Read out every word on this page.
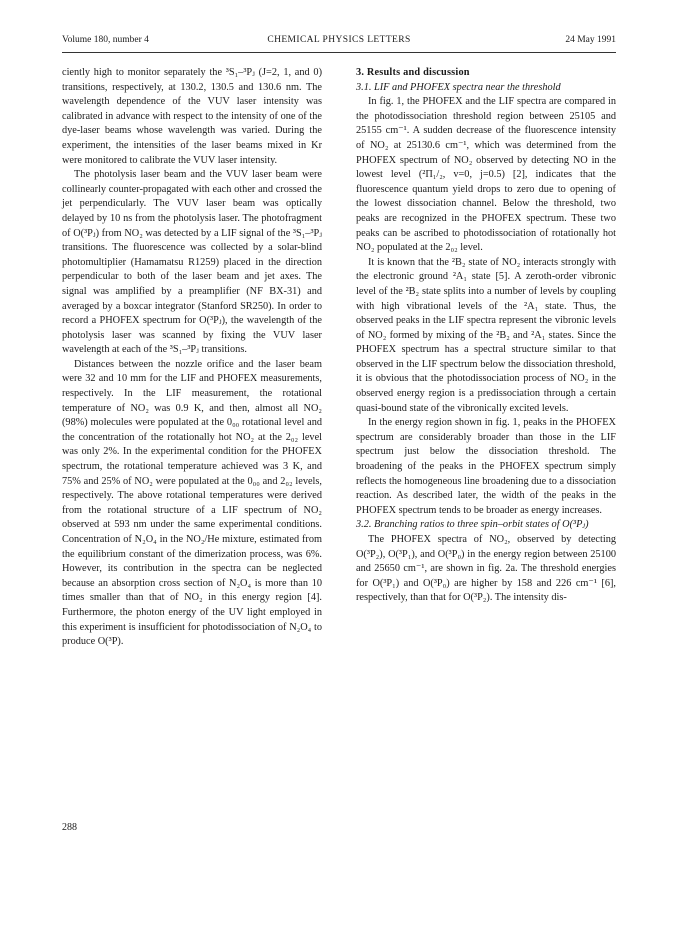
Volume 180, number 4	CHEMICAL PHYSICS LETTERS	24 May 1991

ciently high to monitor separately the ³S₁–³Pⱼ (J=2, 1, and 0) transitions, respectively, at 130.2, 130.5 and 130.6 nm. The wavelength dependence of the VUV laser intensity was calibrated in advance with respect to the intensity of one of the dye-laser beams whose wavelength was varied. During the experiment, the intensities of the laser beams mixed in Kr were monitored to calibrate the VUV laser intensity.

The photolysis laser beam and the VUV laser beam were collinearly counter-propagated with each other and crossed the jet perpendicularly. The VUV laser beam was optically delayed by 10 ns from the photolysis laser. The photofragment of O(³Pⱼ) from NO₂ was detected by a LIF signal of the ³S₁–³Pⱼ transitions. The fluorescence was collected by a solar-blind photomultiplier (Hamamatsu R1259) placed in the direction perpendicular to both of the laser beam and jet axes. The signal was amplified by a preamplifier (NF BX-31) and averaged by a boxcar integrator (Stanford SR250). In order to record a PHOFEX spectrum for O(³Pⱼ), the wavelength of the photolysis laser was scanned by fixing the VUV laser wavelength at each of the ³S₁–³Pⱼ transitions.

Distances between the nozzle orifice and the laser beam were 32 and 10 mm for the LIF and PHOFEX measurements, respectively. In the LIF measurement, the rotational temperature of NO₂ was 0.9 K, and then, almost all NO₂ (98%) molecules were populated at the 0₀₀ rotational level and the concentration of the rotationally hot NO₂ at the 2₀₂ level was only 2%. In the experimental condition for the PHOFEX spectrum, the rotational temperature achieved was 3 K, and 75% and 25% of NO₂ were populated at the 0₀₀ and 2₀₂ levels, respectively. The above rotational temperatures were derived from the rotational structure of a LIF spectrum of NO₂ observed at 593 nm under the same experimental conditions. Concentration of N₂O₄ in the NO₂/He mixture, estimated from the equilibrium constant of the dimerization process, was 6%. However, its contribution in the spectra can be neglected because an absorption cross section of N₂O₄ is more than 10 times smaller than that of NO₂ in this energy region [4]. Furthermore, the photon energy of the UV light employed in this experiment is insufficient for photodissociation of N₂O₄ to produce O(³P).

3. Results and discussion

3.1. LIF and PHOFEX spectra near the threshold

In fig. 1, the PHOFEX and the LIF spectra are compared in the photodissociation threshold region between 25105 and 25155 cm⁻¹. A sudden decrease of the fluorescence intensity of NO₂ at 25130.6 cm⁻¹, which was determined from the PHOFEX spectrum of NO₂ observed by detecting NO in the lowest level (²Π₁/₂, v=0, j=0.5) [2], indicates that the fluorescence quantum yield drops to zero due to opening of the lowest dissociation channel. Below the threshold, two peaks are recognized in the PHOFEX spectrum. These two peaks can be ascribed to photodissociation of rotationally hot NO₂ populated at the 2₀₂ level.

It is known that the ²B₂ state of NO₂ interacts strongly with the electronic ground ²A₁ state [5]. A zeroth-order vibronic level of the ²B₂ state splits into a number of levels by coupling with high vibrational levels of the ²A₁ state. Thus, the observed peaks in the LIF spectra represent the vibronic levels of NO₂ formed by mixing of the ²B₂ and ²A₁ states. Since the PHOFEX spectrum has a spectral structure similar to that observed in the LIF spectrum below the dissociation threshold, it is obvious that the photodissociation process of NO₂ in the observed energy region is a predissociation through a certain quasi-bound state of the vibronically excited levels.

In the energy region shown in fig. 1, peaks in the PHOFEX spectrum are considerably broader than those in the LIF spectrum just below the dissociation threshold. The broadening of the peaks in the PHOFEX spectrum simply reflects the homogeneous line broadening due to a dissociation reaction. As described later, the width of the peaks in the PHOFEX spectrum tends to be broader as energy increases.

3.2. Branching ratios to three spin–orbit states of O(³Pⱼ)

The PHOFEX spectra of NO₂, observed by detecting O(³P₂), O(³P₁), and O(³P₀) in the energy region between 25100 and 25650 cm⁻¹, are shown in fig. 2a. The threshold energies for O(³P₁) and O(³P₀) are higher by 158 and 226 cm⁻¹ [6], respectively, than that for O(³P₂). The intensity dis-

288
